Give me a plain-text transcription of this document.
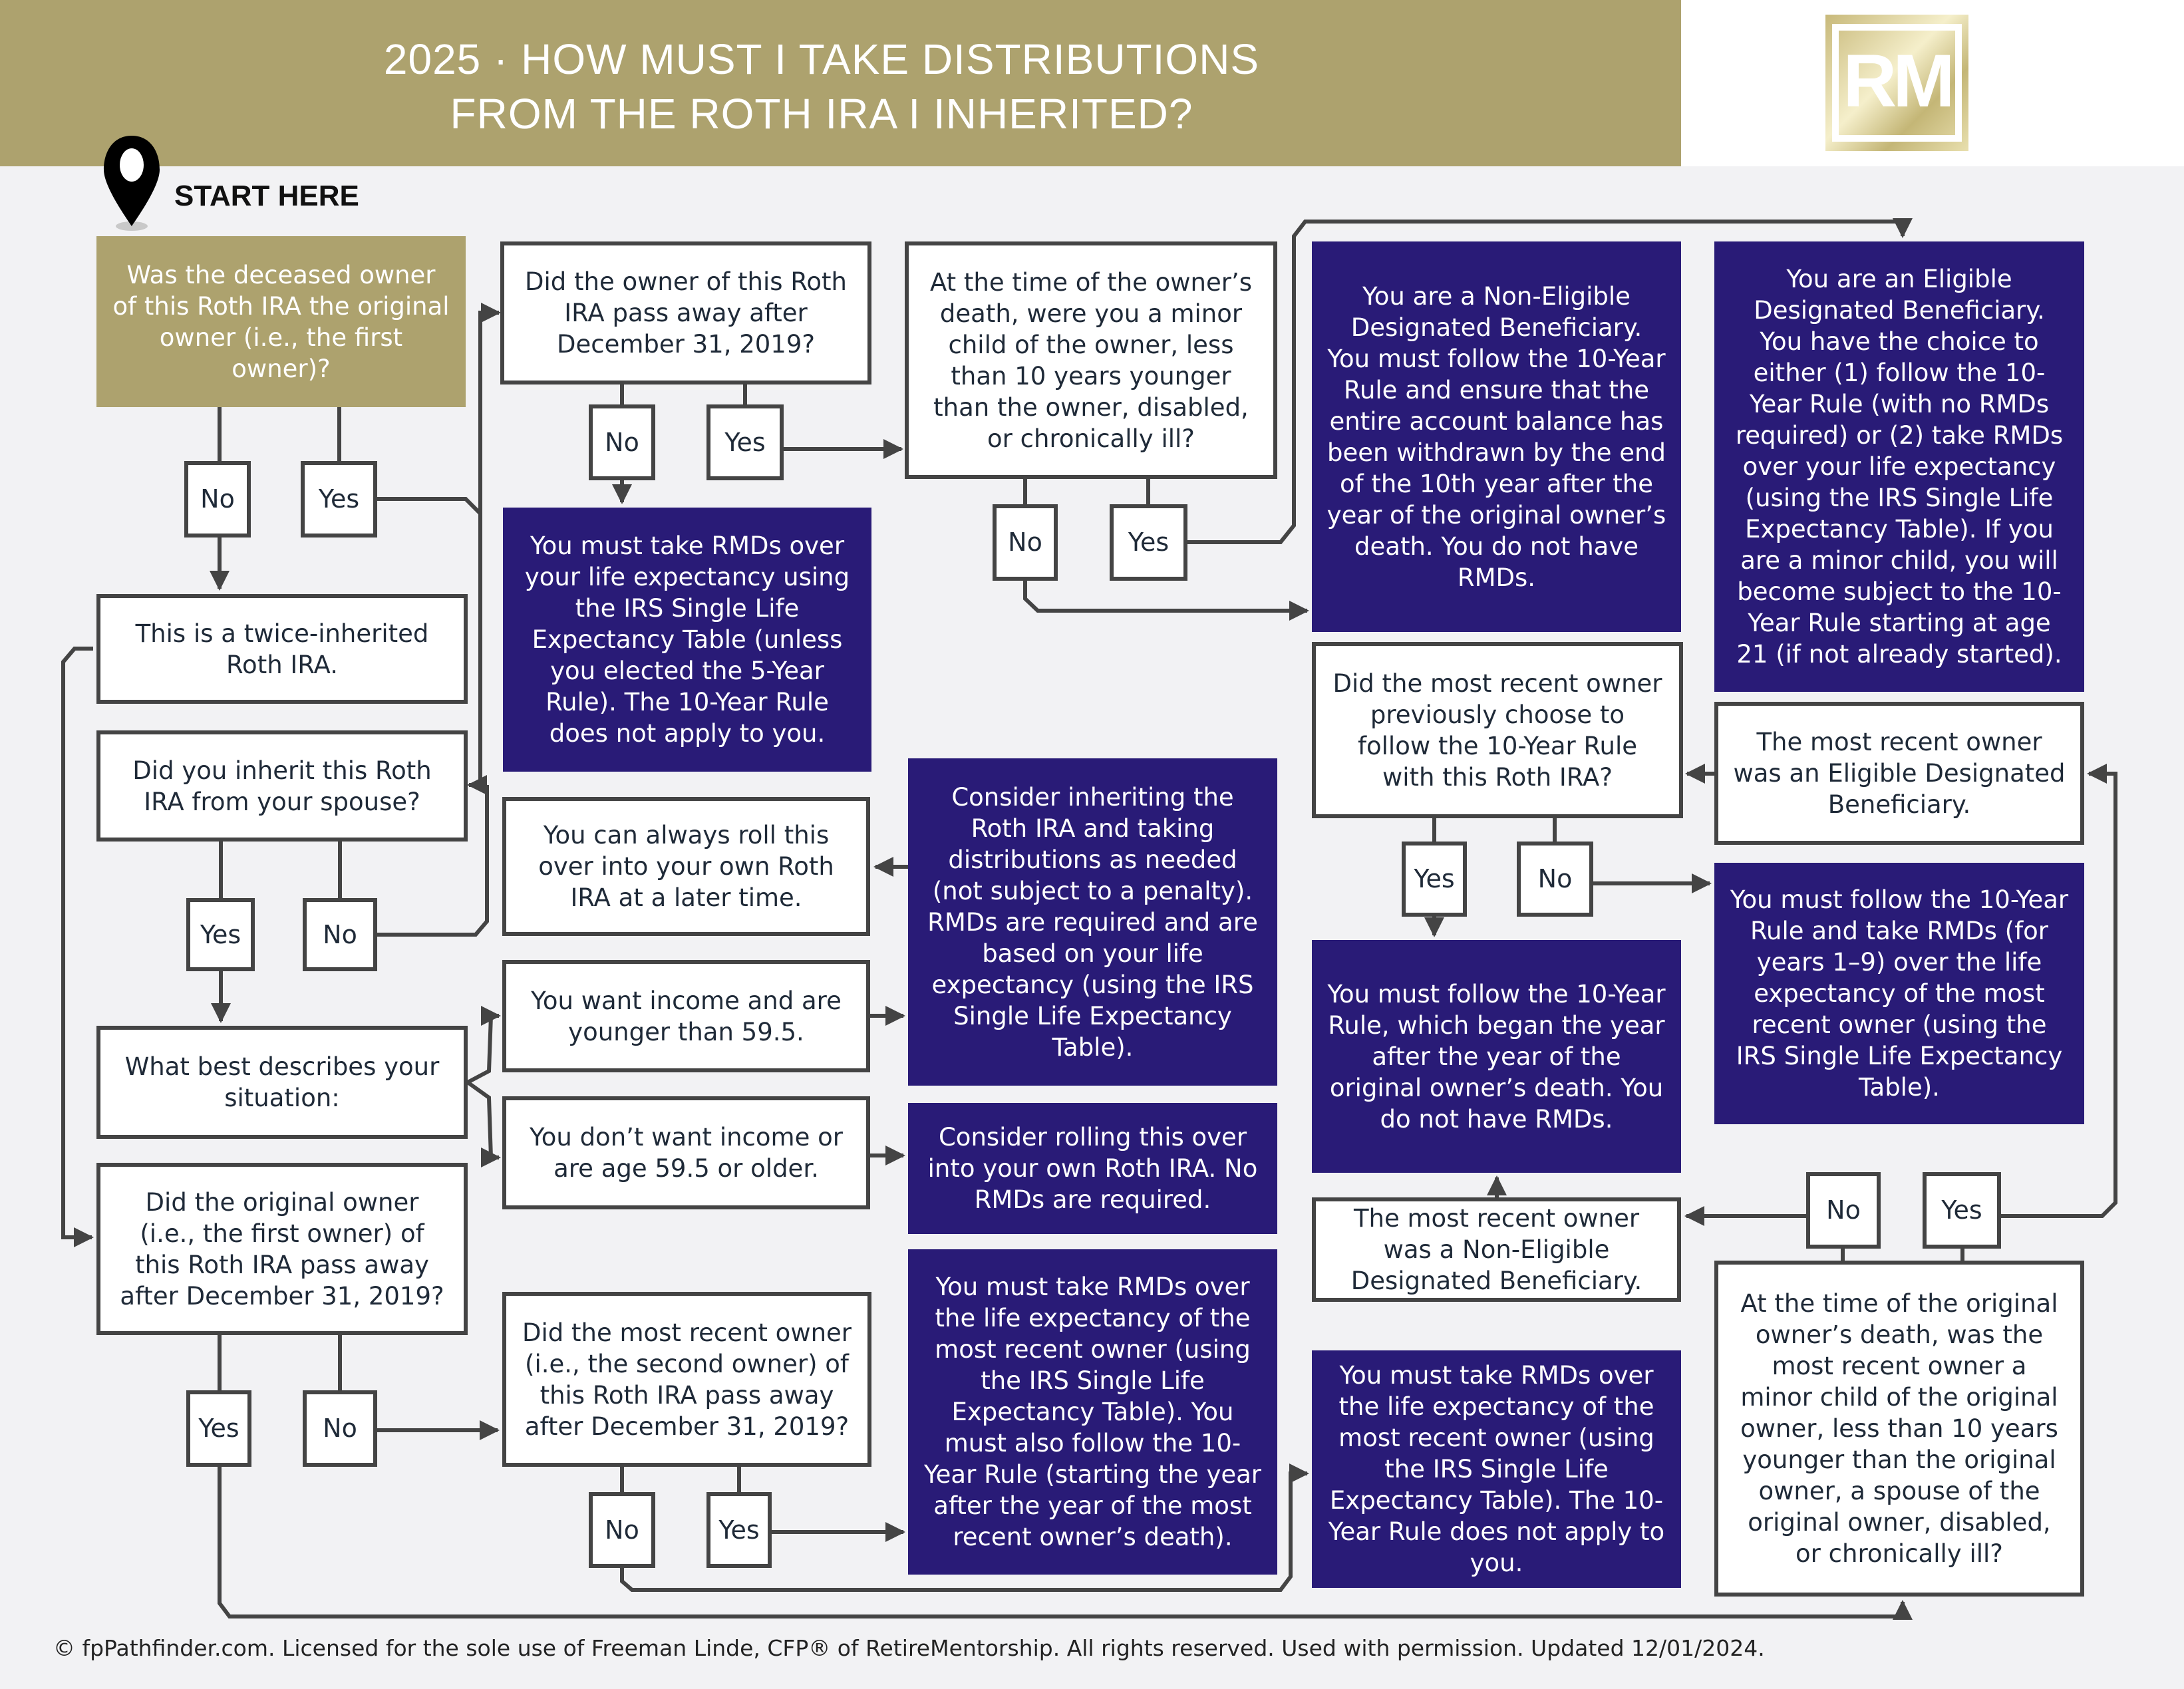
2025 · HOW MUST I TAKE DISTRIBUTIONS
FROM THE ROTH IRA I INHERITED?	RM
START HERE
Was the deceased owner of this Roth IRA the original owner (i.e., the first owner)?
No	Yes
This is a twice-inherited Roth IRA.
Did you inherit this Roth IRA from your spouse?
Yes	No
What best describes your situation:
Did the original owner (i.e., the first owner) of this Roth IRA pass away after December 31, 2019?
Yes	No
Did the owner of this Roth IRA pass away after December 31, 2019?
No	Yes
You must take RMDs over your life expectancy using the IRS Single Life Expectancy Table (unless you elected the 5-Year Rule). The 10-Year Rule does not apply to you.
You can always roll this over into your own Roth IRA at a later time.
You want income and are younger than 59.5.
You don’t want income or are age 59.5 or older.
Did the most recent owner (i.e., the second owner) of this Roth IRA pass away after December 31, 2019?
No	Yes
At the time of the owner’s death, were you a minor child of the owner, less than 10 years younger than the owner, disabled, or chronically ill?
No	Yes
Consider inheriting the Roth IRA and taking distributions as needed (not subject to a penalty). RMDs are required and are based on your life expectancy (using the IRS Single Life Expectancy Table).
Consider rolling this over into your own Roth IRA. No RMDs are required.
You must take RMDs over the life expectancy of the most recent owner (using the IRS Single Life Expectancy Table). You must also follow the 10-Year Rule (starting the year after the year of the most recent owner’s death).
You are a Non-Eligible Designated Beneficiary. You must follow the 10-Year Rule and ensure that the entire account balance has been withdrawn by the end of the 10th year after the year of the original owner’s death. You do not have RMDs.
Did the most recent owner previously choose to follow the 10-Year Rule with this Roth IRA?
Yes	No
You must follow the 10-Year Rule, which began the year after the year of the original owner’s death. You do not have RMDs.
The most recent owner was a Non-Eligible Designated Beneficiary.
You must take RMDs over the life expectancy of the most recent owner (using the IRS Single Life Expectancy Table). The 10-Year Rule does not apply to you.
You are an Eligible Designated Beneficiary. You have the choice to either (1) follow the 10-Year Rule (with no RMDs required) or (2) take RMDs over your life expectancy (using the IRS Single Life Expectancy Table). If you are a minor child, you will become subject to the 10-Year Rule starting at age 21 (if not already started).
The most recent owner was an Eligible Designated Beneficiary.
You must follow the 10-Year Rule and take RMDs (for years 1–9) over the life expectancy of the most recent owner (using the IRS Single Life Expectancy Table).
No	Yes
At the time of the original owner’s death, was the most recent owner a minor child of the original owner, less than 10 years younger than the original owner, a spouse of the original owner, disabled, or chronically ill?
© fpPathfinder.com. Licensed for the sole use of Freeman Linde, CFP® of RetireMentorship. All rights reserved. Used with permission. Updated 12/01/2024.
